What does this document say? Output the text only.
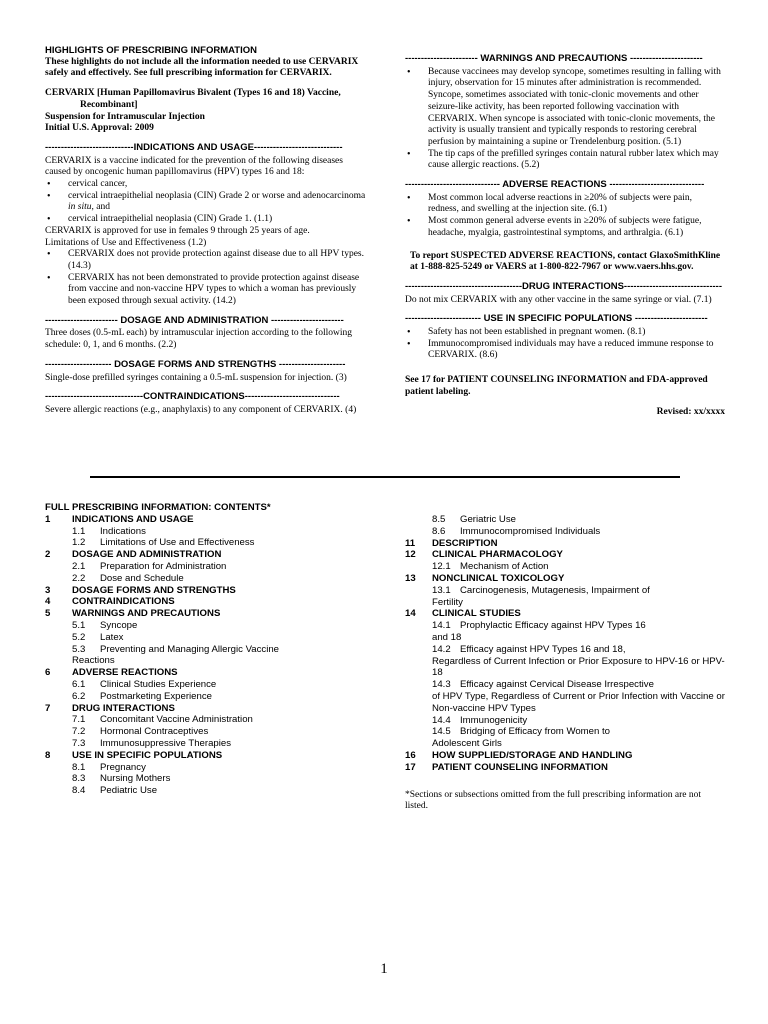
HIGHLIGHTS OF PRESCRIBING INFORMATION

These highlights do not include all the information needed to use CERVARIX safely and effectively. See full prescribing information for CERVARIX.

CERVARIX [Human Papillomavirus Bivalent (Types 16 and 18) Vaccine,

Recombinant]

Suspension for Intramuscular Injection

Initial U.S. Approval: 2009

----------------------------INDICATIONS AND USAGE----------------------------

CERVARIX is a vaccine indicated for the prevention of the following diseases caused by oncogenic human papillomavirus (HPV) types 16 and 18:

• cervical cancer,
• cervical intraepithelial neoplasia (CIN) Grade 2 or worse and adenocarcinoma in situ, and
• cervical intraepithelial neoplasia (CIN) Grade 1. (1.1)

CERVARIX is approved for use in females 9 through 25 years of age.

Limitations of Use and Effectiveness (1.2)

• CERVARIX does not provide protection against disease due to all HPV types. (14.3)
• CERVARIX has not been demonstrated to provide protection against disease from vaccine and non-vaccine HPV types to which a woman has previously been exposed through sexual activity. (14.2)
----------------------- DOSAGE AND ADMINISTRATION -----------------------

Three doses (0.5-mL each) by intramuscular injection according to the following schedule: 0, 1, and 6 months. (2.2)

--------------------- DOSAGE FORMS AND STRENGTHS ---------------------

Single-dose prefilled syringes containing a 0.5-mL suspension for injection. (3)

-------------------------------CONTRAINDICATIONS------------------------------

Severe allergic reactions (e.g., anaphylaxis) to any component of CERVARIX. (4)

----------------------- WARNINGS AND PRECAUTIONS -----------------------
• Because vaccinees may develop syncope, sometimes resulting in falling with injury, observation for 15 minutes after administration is recommended. Syncope, sometimes associated with tonic-clonic movements and other seizure-like activity, has been reported following vaccination with CERVARIX. When syncope is associated with tonic-clonic movements, the activity is usually transient and typically responds to restoring cerebral perfusion by maintaining a supine or Trendelenburg position. (5.1)
• The tip caps of the prefilled syringes contain natural rubber latex which may cause allergic reactions. (5.2)
------------------------------ ADVERSE REACTIONS ------------------------------
• Most common local adverse reactions in ≥20% of subjects were pain, redness, and swelling at the injection site. (6.1)
• Most common general adverse events in ≥20% of subjects were fatigue, headache, myalgia, gastrointestinal symptoms, and arthralgia. (6.1)

To report SUSPECTED ADVERSE REACTIONS, contact GlaxoSmithKline at 1-888-825-5249 or VAERS at 1-800-822-7967 or www.vaers.hhs.gov.

-------------------------------------DRUG INTERACTIONS-------------------------------

Do not mix CERVARIX with any other vaccine in the same syringe or vial. (7.1)

------------------------ USE IN SPECIFIC POPULATIONS -----------------------
• Safety has not been established in pregnant women. (8.1)
• Immunocompromised individuals may have a reduced immune response to CERVARIX. (8.6)

See 17 for PATIENT COUNSELING INFORMATION and FDA-approved patient labeling.

Revised: xx/xxxx

FULL PRESCRIBING INFORMATION: CONTENTS*

1	INDICATIONS AND USAGE
1.1	Indications
1.2	Limitations of Use and Effectiveness
2	DOSAGE AND ADMINISTRATION
2.1	Preparation for Administration
2.2	Dose and Schedule
3	DOSAGE FORMS AND STRENGTHS
4	CONTRAINDICATIONS
5	WARNINGS AND PRECAUTIONS
5.1	Syncope
5.2	Latex
5.3	Preventing and Managing Allergic Vaccine
Reactions
6	ADVERSE REACTIONS
6.1	Clinical Studies Experience
6.2	Postmarketing Experience
7	DRUG INTERACTIONS
7.1	Concomitant Vaccine Administration
7.2	Hormonal Contraceptives
7.3	Immunosuppressive Therapies
8	USE IN SPECIFIC POPULATIONS
8.1	Pregnancy
8.3	Nursing Mothers
8.4	Pediatric Use
8.5	Geriatric Use
8.6	Immunocompromised Individuals
11	DESCRIPTION
12	CLINICAL PHARMACOLOGY
12.1 Mechanism of Action
13	NONCLINICAL TOXICOLOGY
13.1 Carcinogenesis, Mutagenesis, Impairment of
Fertility
14	CLINICAL STUDIES
14.1 Prophylactic Efficacy against HPV Types 16
and 18
14.2 Efficacy against HPV Types 16 and 18,
Regardless of Current Infection or Prior Exposure to HPV-16 or HPV-18
14.3 Efficacy against Cervical Disease Irrespective
of HPV Type, Regardless of Current or Prior Infection with Vaccine or Non-vaccine HPV Types
14.4 Immunogenicity
14.5 Bridging of Efficacy from Women to
Adolescent Girls
16	HOW SUPPLIED/STORAGE AND HANDLING
17	PATIENT COUNSELING INFORMATION

*Sections or subsections omitted from the full prescribing information are not listed.

1
